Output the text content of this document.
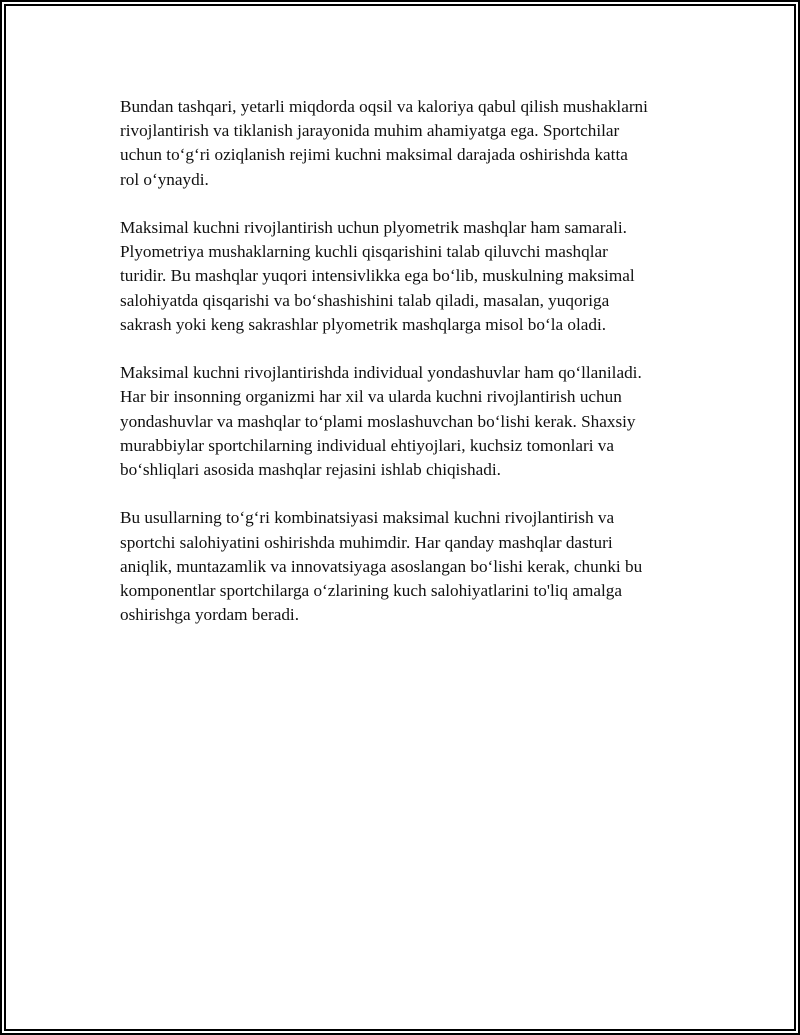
Bundan tashqari, yetarli miqdorda oqsil va kaloriya qabul qilish mushaklarni
rivojlantirish va tiklanish jarayonida muhim ahamiyatga ega. Sportchilar
uchun to‘g‘ri oziqlanish rejimi kuchni maksimal darajada oshirishda katta
rol o‘ynaydi.

Maksimal kuchni rivojlantirish uchun plyometrik mashqlar ham samarali.
Plyometriya mushaklarning kuchli qisqarishini talab qiluvchi mashqlar
turidir. Bu mashqlar yuqori intensivlikka ega bo‘lib, muskulning maksimal
salohiyatda qisqarishi va bo‘shashishini talab qiladi, masalan, yuqoriga
sakrash yoki keng sakrashlar plyometrik mashqlarga misol bo‘la oladi.

Maksimal kuchni rivojlantirishda individual yondashuvlar ham qo‘llaniladi.
Har bir insonning organizmi har xil va ularda kuchni rivojlantirish uchun
yondashuvlar va mashqlar to‘plami moslashuvchan bo‘lishi kerak. Shaxsiy
murabbiylar sportchilarning individual ehtiyojlari, kuchsiz tomonlari va
bo‘shliqlari asosida mashqlar rejasini ishlab chiqishadi.

Bu usullarning to‘g‘ri kombinatsiyasi maksimal kuchni rivojlantirish va
sportchi salohiyatini oshirishda muhimdir. Har qanday mashqlar dasturi
aniqlik, muntazamlik va innovatsiyaga asoslangan bo‘lishi kerak, chunki bu
komponentlar sportchilarga o‘zlarining kuch salohiyatlarini to'liq amalga
oshirishga yordam beradi.
